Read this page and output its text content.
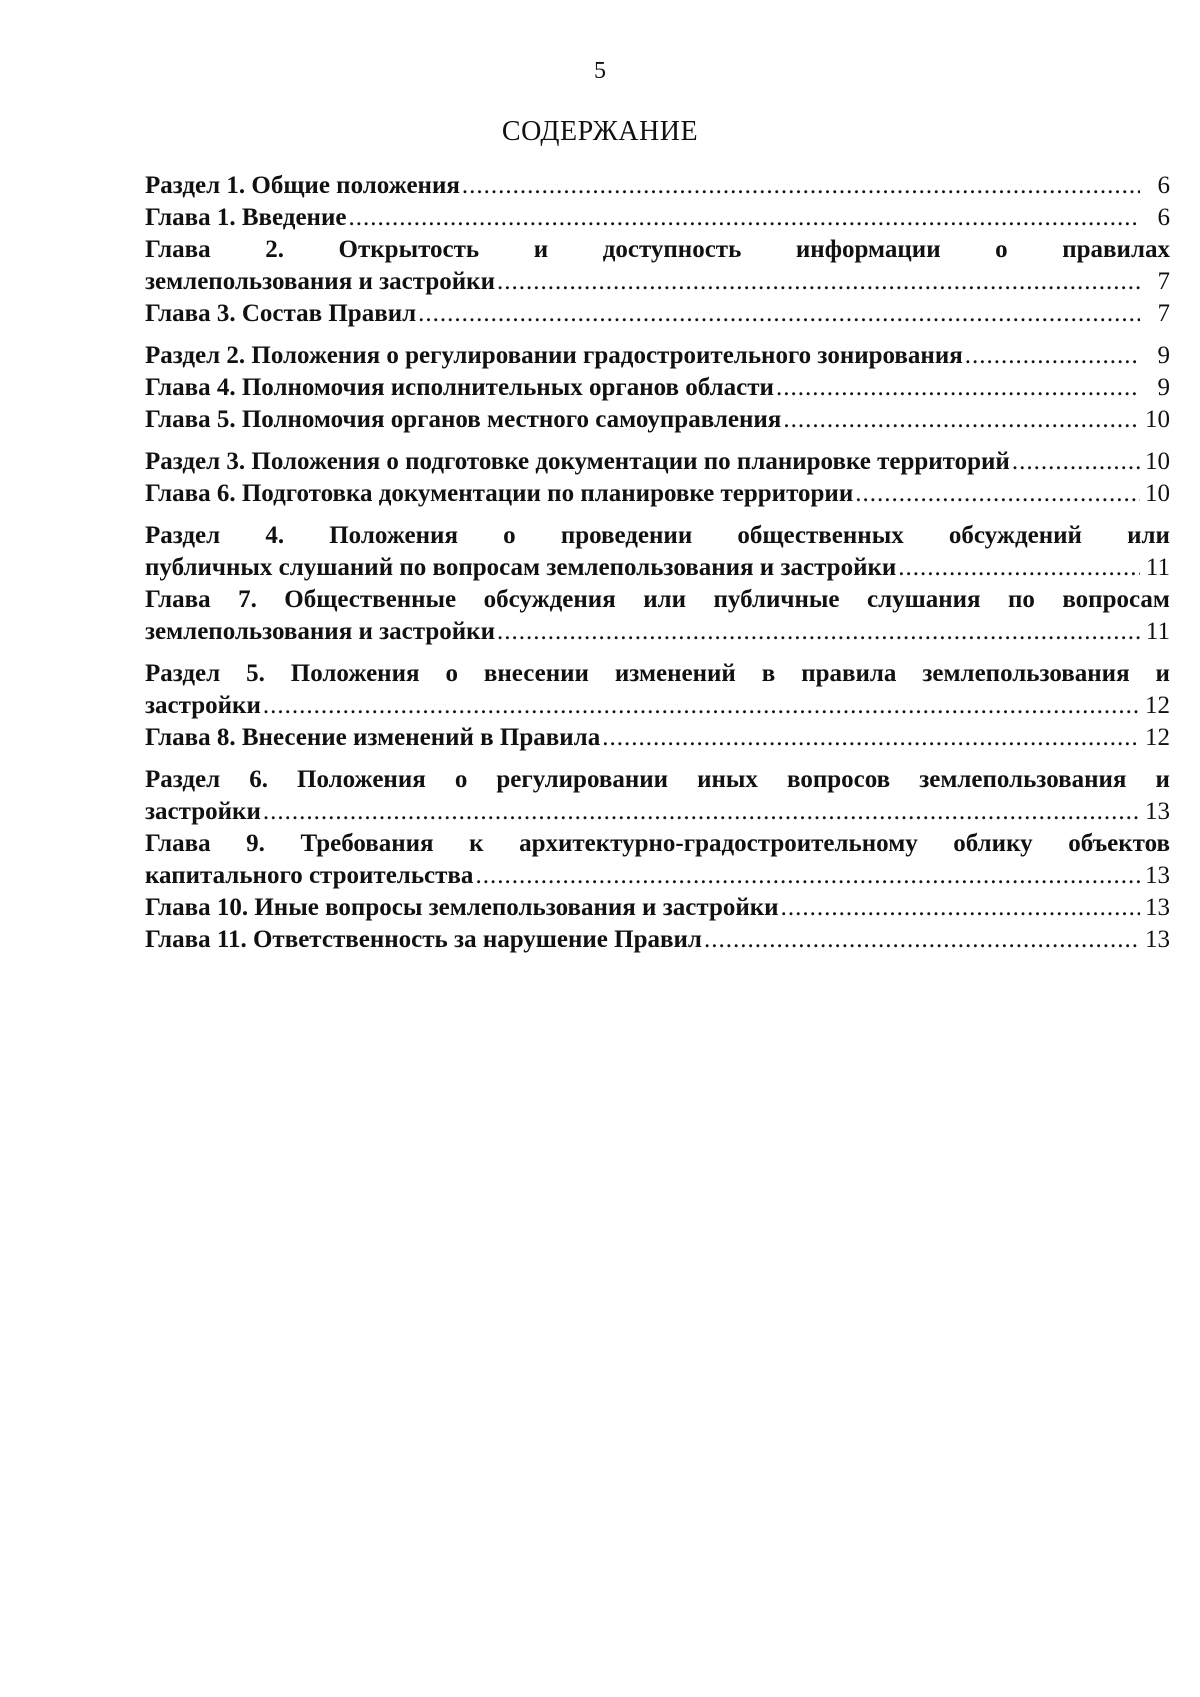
5
СОДЕРЖАНИЕ
Раздел 1. Общие положения .....	6
Глава 1. Введение .....	6
Глава 2. Открытость и доступность информации о правилах
землепользования и застройки .....	7
Глава 3. Состав Правил .....	7
Раздел 2. Положения о регулировании градостроительного зонирования .....	9
Глава 4. Полномочия исполнительных органов области .....	9
Глава 5. Полномочия органов местного самоуправления .....	10
Раздел 3. Положения о подготовке документации по планировке территорий .....	10
Глава 6. Подготовка документации по планировке территории .....	10
Раздел 4. Положения о проведении общественных обсуждений или
публичных слушаний по вопросам землепользования и застройки .....	11
Глава 7. Общественные обсуждения или публичные слушания по вопросам
землепользования и застройки .....	11
Раздел 5. Положения о внесении изменений в правила землепользования и
застройки .....	12
Глава 8. Внесение изменений в Правила .....	12
Раздел 6. Положения о регулировании иных вопросов землепользования и
застройки .....	13
Глава 9. Требования к архитектурно-градостроительному облику объектов
капитального строительства .....	13
Глава 10. Иные вопросы землепользования и застройки .....	13
Глава 11. Ответственность за нарушение Правил .....	13
